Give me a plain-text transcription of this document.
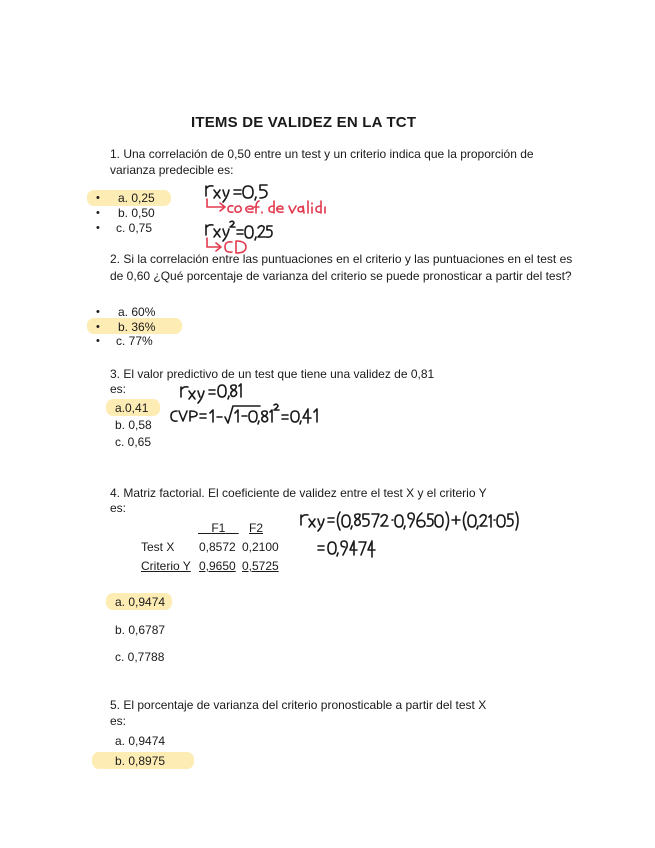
ITEMS DE VALIDEZ EN LA TCT
1. Una correlación de 0,50 entre un test y un criterio indica que la proporción de
varianza predecible es:
• a. 0,25
• b. 0,50
• c. 0,75
2. Si la correlación entre las puntuaciones en el criterio y las puntuaciones en el test es
de 0,60 ¿Qué porcentaje de varianza del criterio se puede pronosticar a partir del test?
• a. 60%
• b. 36%
• c. 77%
3. El valor predictivo de un test que tiene una validez de 0,81
es:
a.0,41
b. 0,58
c. 0,65
4. Matriz factorial. El coeficiente de validez entre el test X y el criterio Y
es:
F1	F2
Test X 0,8572 0,2100
Criterio Y 0,9650 0,5725
a. 0,9474
b. 0,6787
c. 0,7788
5. El porcentaje de varianza del criterio pronosticable a partir del test X
es:
a. 0,9474
b. 0,8975
